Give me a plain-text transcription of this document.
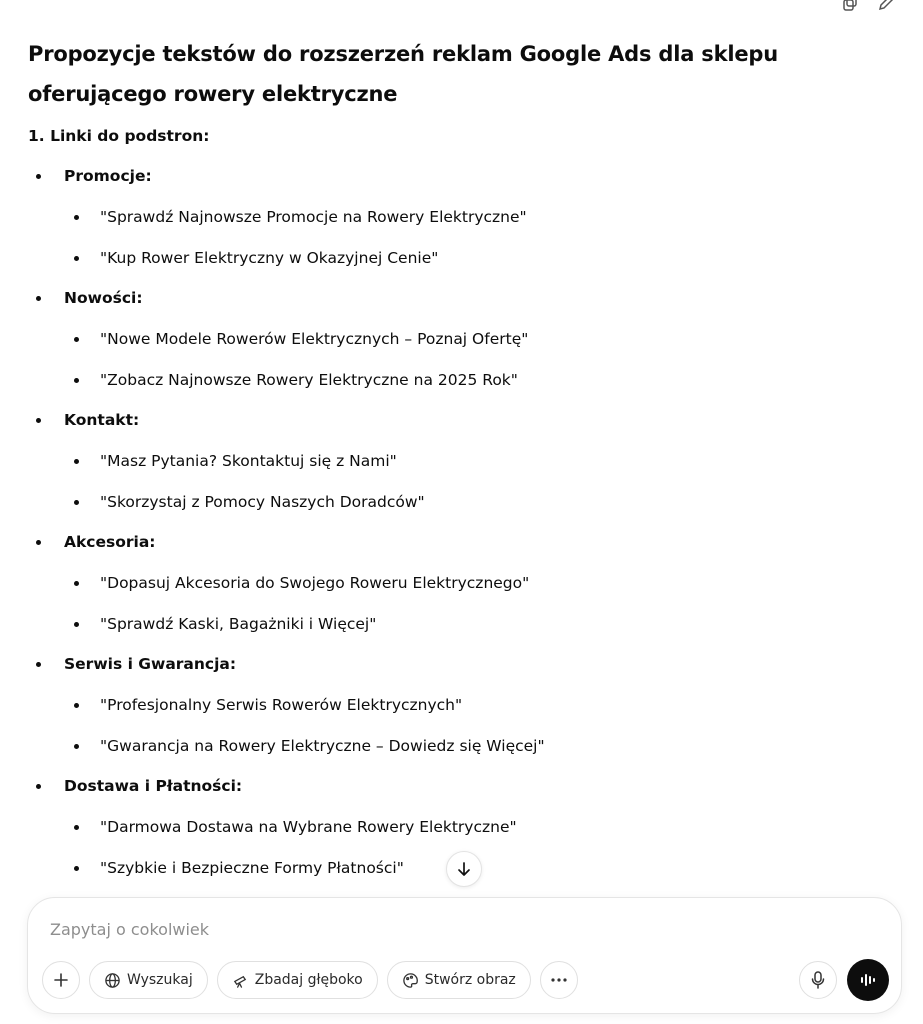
Propozycje tekstów do rozszerzeń reklam Google Ads dla sklepu oferującego rowery elektryczne
1. Linki do podstron:
Promocje:
"Sprawdź Najnowsze Promocje na Rowery Elektryczne"
"Kup Rower Elektryczny w Okazyjnej Cenie"
Nowości:
"Nowe Modele Rowerów Elektrycznych – Poznaj Ofertę"
"Zobacz Najnowsze Rowery Elektryczne na 2025 Rok"
Kontakt:
"Masz Pytania? Skontaktuj się z Nami"
"Skorzystaj z Pomocy Naszych Doradców"
Akcesoria:
"Dopasuj Akcesoria do Swojego Roweru Elektrycznego"
"Sprawdź Kaski, Bagażniki i Więcej"
Serwis i Gwarancja:
"Profesjonalny Serwis Rowerów Elektrycznych"
"Gwarancja na Rowery Elektryczne – Dowiedz się Więcej"
Dostawa i Płatności:
"Darmowa Dostawa na Wybrane Rowery Elektryczne"
"Szybkie i Bezpieczne Formy Płatności"
Zapytaj o cokolwiek
Wyszukaj	Zbadaj głęboko	Stwórz obraz
